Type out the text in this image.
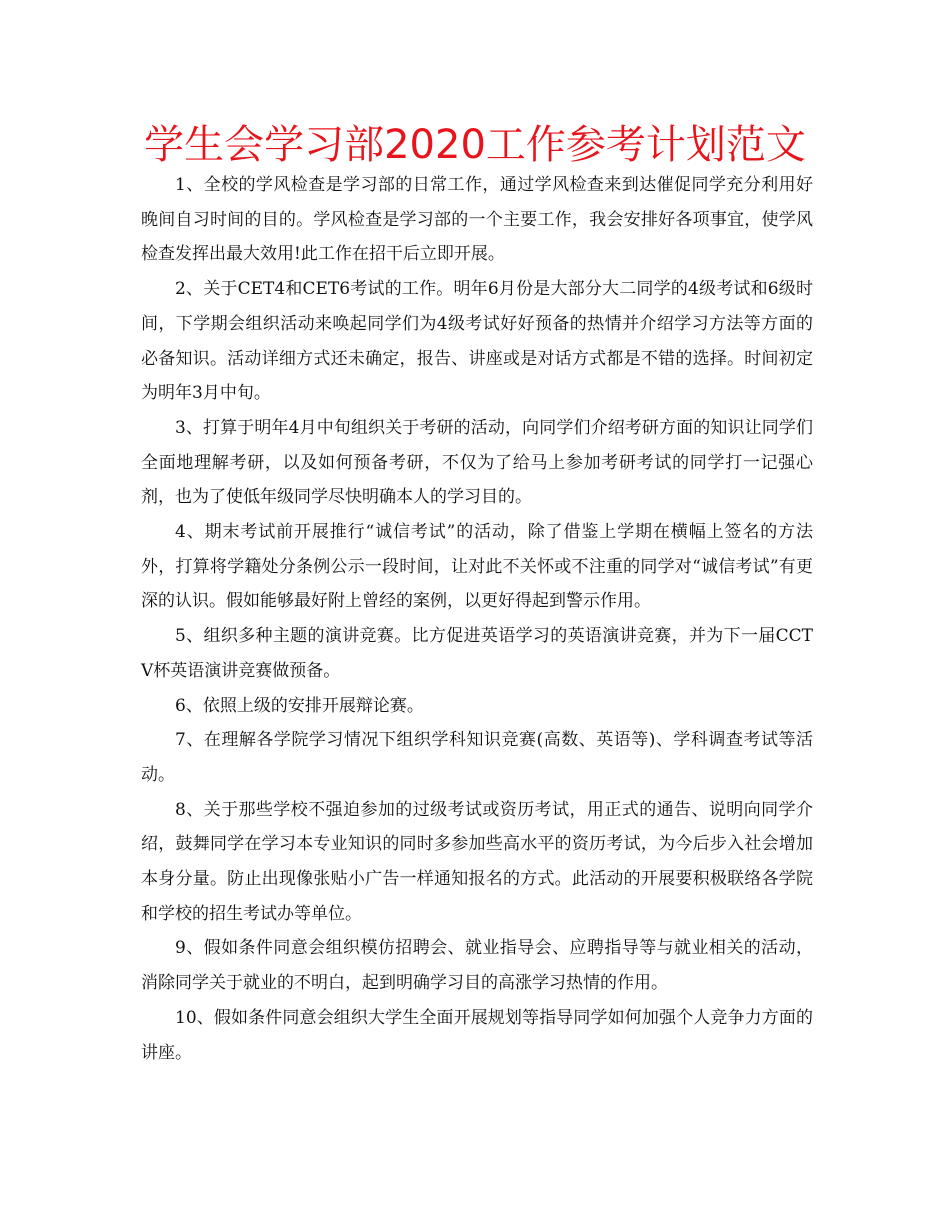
学生会学习部2020工作参考计划范文

1、全校的学风检查是学习部的日常工作，通过学风检查来到达催促同学充分利用好晚间自习时间的目的。学风检查是学习部的一个主要工作，我会安排好各项事宜，使学风检查发挥出最大效用!此工作在招干后立即开展。

2、关于CET4和CET6考试的工作。明年6月份是大部分大二同学的4级考试和6级时间，下学期会组织活动来唤起同学们为4级考试好好预备的热情并介绍学习方法等方面的必备知识。活动详细方式还未确定，报告、讲座或是对话方式都是不错的选择。时间初定为明年3月中旬。

3、打算于明年4月中旬组织关于考研的活动，向同学们介绍考研方面的知识让同学们全面地理解考研，以及如何预备考研，不仅为了给马上参加考研考试的同学打一记强心剂，也为了使低年级同学尽快明确本人的学习目的。

4、期末考试前开展推行“诚信考试”的活动，除了借鉴上学期在横幅上签名的方法外，打算将学籍处分条例公示一段时间，让对此不关怀或不注重的同学对“诚信考试”有更深的认识。假如能够最好附上曾经的案例，以更好得起到警示作用。

5、组织多种主题的演讲竞赛。比方促进英语学习的英语演讲竞赛，并为下一届CCTV杯英语演讲竞赛做预备。

6、依照上级的安排开展辩论赛。

7、在理解各学院学习情况下组织学科知识竞赛(高数、英语等)、学科调查考试等活动。

8、关于那些学校不强迫参加的过级考试或资历考试，用正式的通告、说明向同学介绍，鼓舞同学在学习本专业知识的同时多参加些高水平的资历考试，为今后步入社会增加本身分量。防止出现像张贴小广告一样通知报名的方式。此活动的开展要积极联络各学院和学校的招生考试办等单位。

9、假如条件同意会组织模仿招聘会、就业指导会、应聘指导等与就业相关的活动，消除同学关于就业的不明白，起到明确学习目的高涨学习热情的作用。

10、假如条件同意会组织大学生全面开展规划等指导同学如何加强个人竞争力方面的讲座。
